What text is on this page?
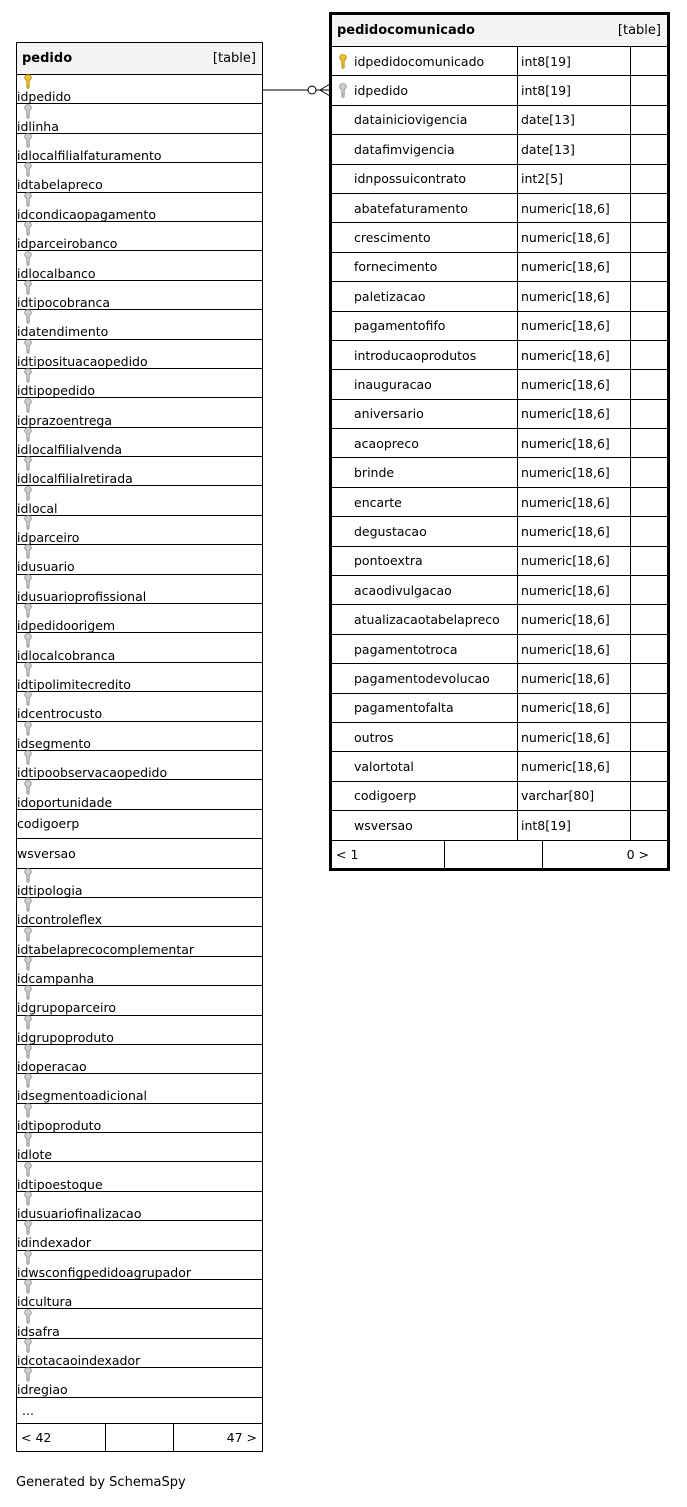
pedido	[table]
idpedido
idlinha
idlocalfilialfaturamento
idtabelapreco
idcondicaopagamento
idparceirobanco
idlocalbanco
idtipocobranca
idatendimento
idtiposituacaopedido
idtipopedido
idprazoentrega
idlocalfilialvenda
idlocalfilialretirada
idlocal
idparceiro
idusuario
idusuarioprofissional
idpedidoorigem
idlocalcobranca
idtipolimitecredito
idcentrocusto
idsegmento
idtipoobservacaopedido
idoportunidade
codigoerp
wsversao
idtipologia
idcontroleflex
idtabelaprecocomplementar
idcampanha
idgrupoparceiro
idgrupoproduto
idoperacao
idsegmentoadicional
idtipoproduto
idlote
idtipoestoque
idusuariofinalizacao
idindexador
idwsconfigpedidoagrupador
idcultura
idsafra
idcotacaoindexador
idregiao
...
< 42	47 >
pedidocomunicado	[table]
idpedidocomunicado	int8[19]
idpedido	int8[19]
datainiciovigencia	date[13]
datafimvigencia	date[13]
idnpossuicontrato	int2[5]
abatefaturamento	numeric[18,6]
crescimento	numeric[18,6]
fornecimento	numeric[18,6]
paletizacao	numeric[18,6]
pagamentofifo	numeric[18,6]
introducaoprodutos	numeric[18,6]
inauguracao	numeric[18,6]
aniversario	numeric[18,6]
acaopreco	numeric[18,6]
brinde	numeric[18,6]
encarte	numeric[18,6]
degustacao	numeric[18,6]
pontoextra	numeric[18,6]
acaodivulgacao	numeric[18,6]
atualizacaotabelapreco numeric[18,6]
pagamentotroca	numeric[18,6]
pagamentodevolucao numeric[18,6]
pagamentofalta	numeric[18,6]
outros	numeric[18,6]
valortotal	numeric[18,6]
codigoerp	varchar[80]
wsversao	int8[19]
< 1	0 >
Generated by SchemaSpy
